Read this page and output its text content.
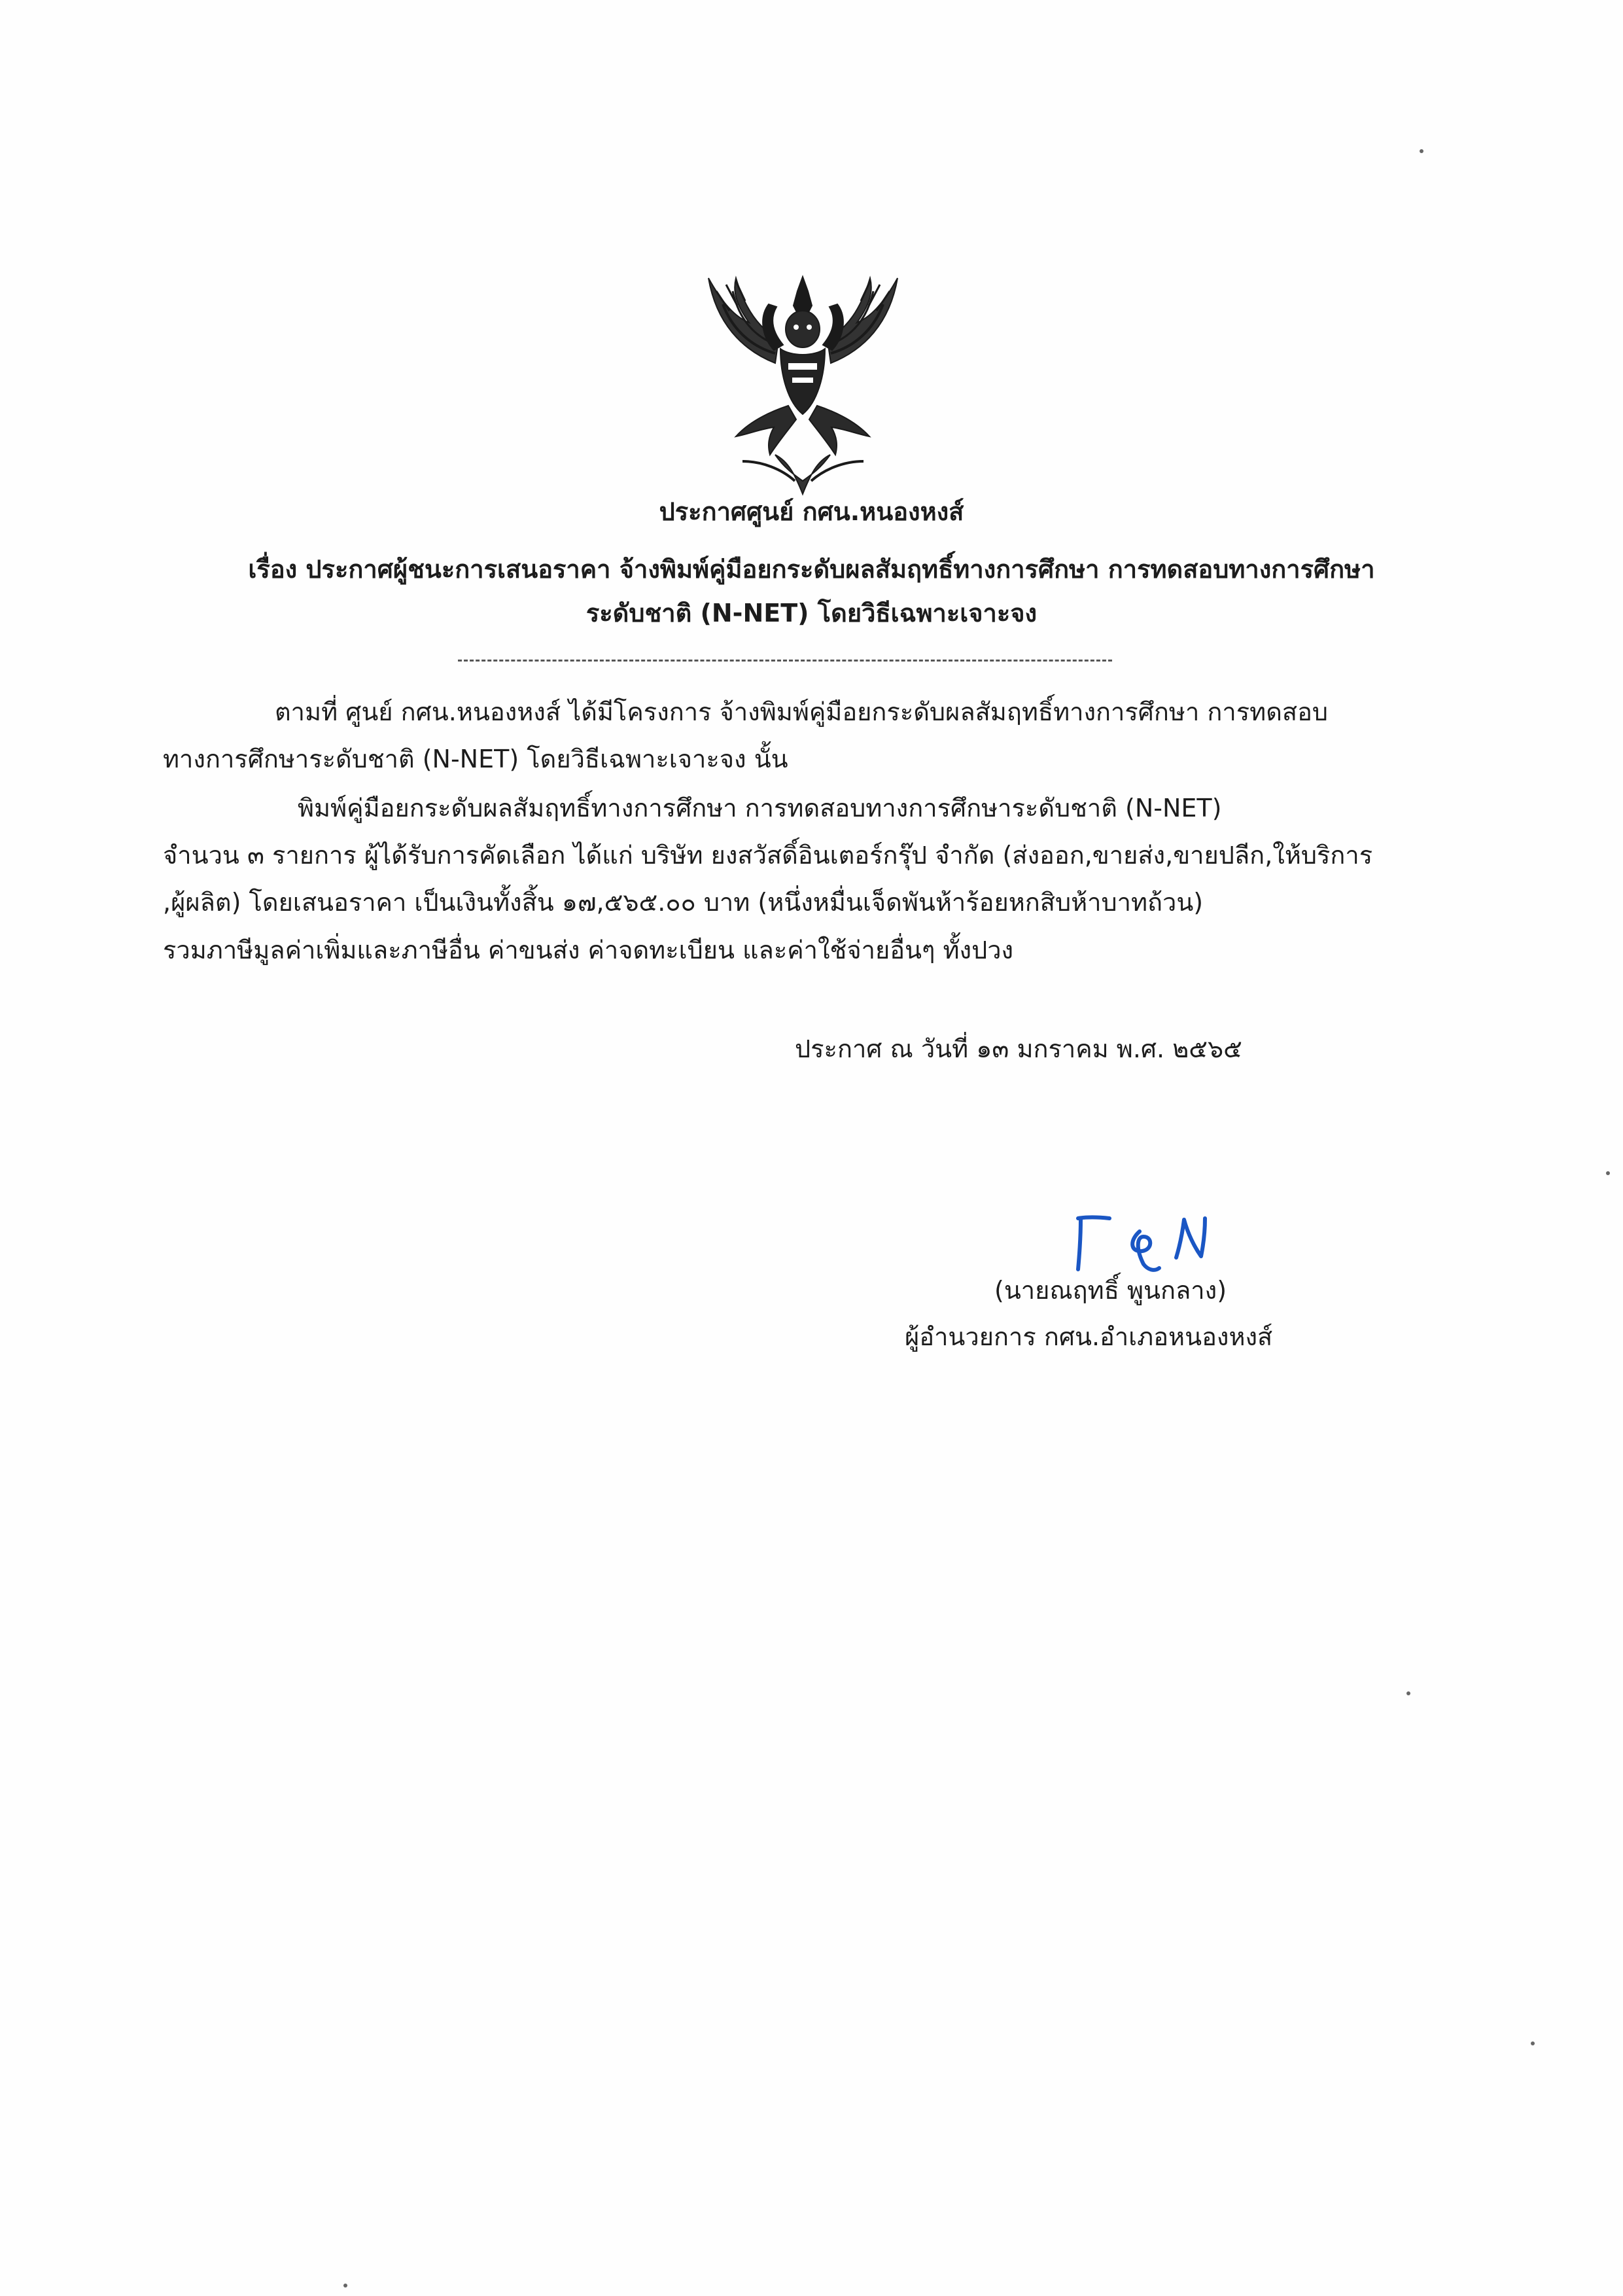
ประกาศศูนย์ กศน.หนองหงส์
เรื่อง ประกาศผู้ชนะการเสนอราคา จ้างพิมพ์คู่มือยกระดับผลสัมฤทธิ์ทางการศึกษา การทดสอบทางการศึกษา
ระดับชาติ (N-NET) โดยวิธีเฉพาะเจาะจง
ตามที่ ศูนย์ กศน.หนองหงส์ ได้มีโครงการ จ้างพิมพ์คู่มือยกระดับผลสัมฤทธิ์ทางการศึกษา การทดสอบ
ทางการศึกษาระดับชาติ (N-NET) โดยวิธีเฉพาะเจาะจง นั้น
พิมพ์คู่มือยกระดับผลสัมฤทธิ์ทางการศึกษา การทดสอบทางการศึกษาระดับชาติ (N-NET)
จำนวน ๓ รายการ ผู้ได้รับการคัดเลือก ได้แก่ บริษัท ยงสวัสดิ์อินเตอร์กรุ๊ป จำกัด (ส่งออก,ขายส่ง,ขายปลีก,ให้บริการ
,ผู้ผลิต) โดยเสนอราคา เป็นเงินทั้งสิ้น ๑๗,๕๖๕.๐๐ บาท (หนึ่งหมื่นเจ็ดพันห้าร้อยหกสิบห้าบาทถ้วน)
รวมภาษีมูลค่าเพิ่มและภาษีอื่น ค่าขนส่ง ค่าจดทะเบียน และค่าใช้จ่ายอื่นๆ ทั้งปวง
ประกาศ ณ วันที่ ๑๓ มกราคม พ.ศ. ๒๕๖๕
(นายณฤทธิ์ พูนกลาง)
ผู้อำนวยการ กศน.อำเภอหนองหงส์
